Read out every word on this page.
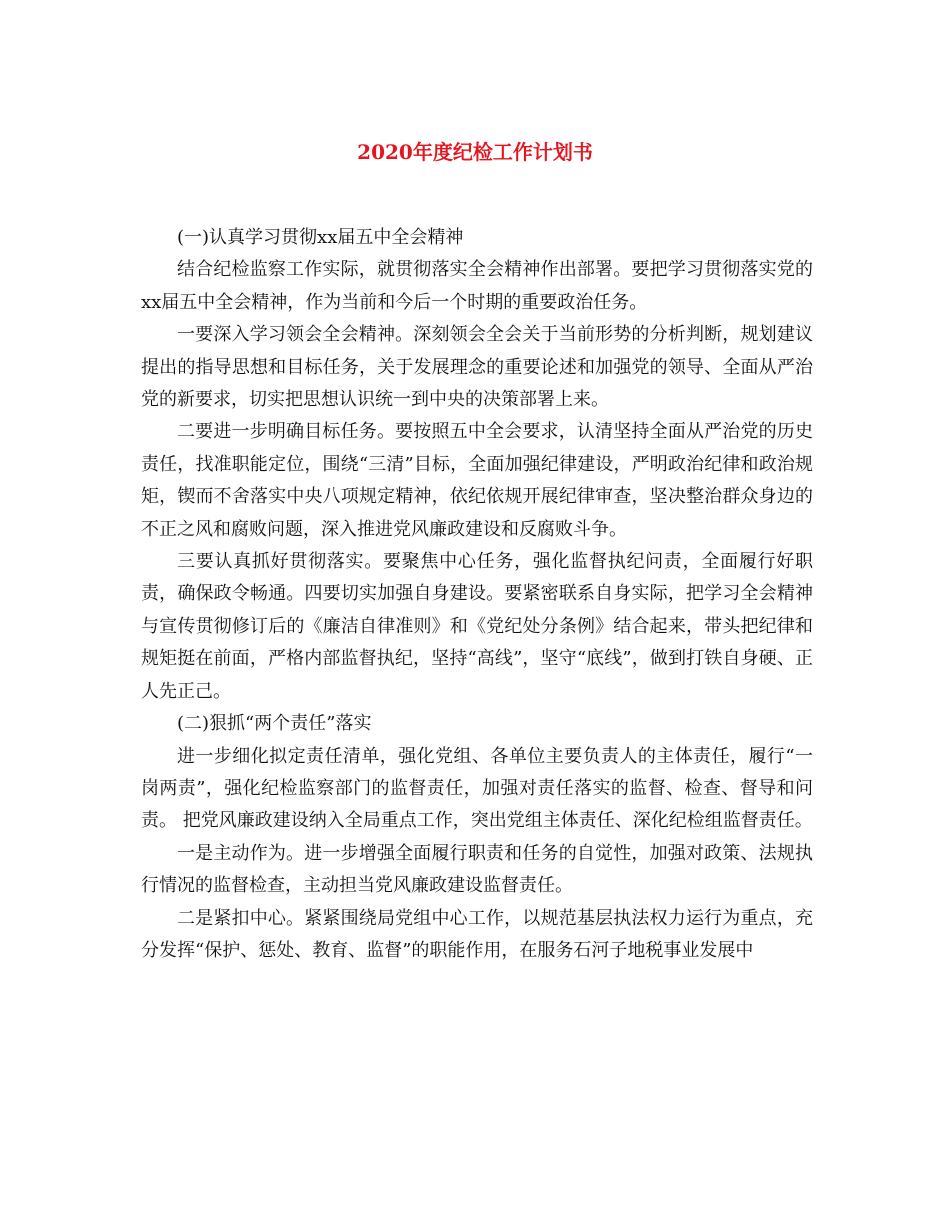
2020年度纪检工作计划书

(一)认真学习贯彻xx届五中全会精神

结合纪检监察工作实际，就贯彻落实全会精神作出部署。要把学习贯彻落实党的xx届五中全会精神，作为当前和今后一个时期的重要政治任务。

一要深入学习领会全会精神。深刻领会全会关于当前形势的分析判断，规划建议提出的指导思想和目标任务，关于发展理念的重要论述和加强党的领导、全面从严治党的新要求，切实把思想认识统一到中央的决策部署上来。

二要进一步明确目标任务。要按照五中全会要求，认清坚持全面从严治党的历史责任，找准职能定位，围绕“三清”目标，全面加强纪律建设，严明政治纪律和政治规矩，锲而不舍落实中央八项规定精神，依纪依规开展纪律审查，坚决整治群众身边的不正之风和腐败问题，深入推进党风廉政建设和反腐败斗争。

三要认真抓好贯彻落实。要聚焦中心任务，强化监督执纪问责，全面履行好职责，确保政令畅通。四要切实加强自身建设。要紧密联系自身实际，把学习全会精神与宣传贯彻修订后的《廉洁自律准则》和《党纪处分条例》结合起来，带头把纪律和规矩挺在前面，严格内部监督执纪，坚持“高线”，坚守“底线”，做到打铁自身硬、正人先正己。

(二)狠抓“两个责任”落实

进一步细化拟定责任清单，强化党组、各单位主要负责人的主体责任，履行“一岗两责”，强化纪检监察部门的监督责任，加强对责任落实的监督、检查、督导和问责。 把党风廉政建设纳入全局重点工作，突出党组主体责任、深化纪检组监督责任。

一是主动作为。进一步增强全面履行职责和任务的自觉性，加强对政策、法规执行情况的监督检查，主动担当党风廉政建设监督责任。

二是紧扣中心。紧紧围绕局党组中心工作，以规范基层执法权力运行为重点，充分发挥“保护、惩处、教育、监督”的职能作用，在服务石河子地税事业发展中
